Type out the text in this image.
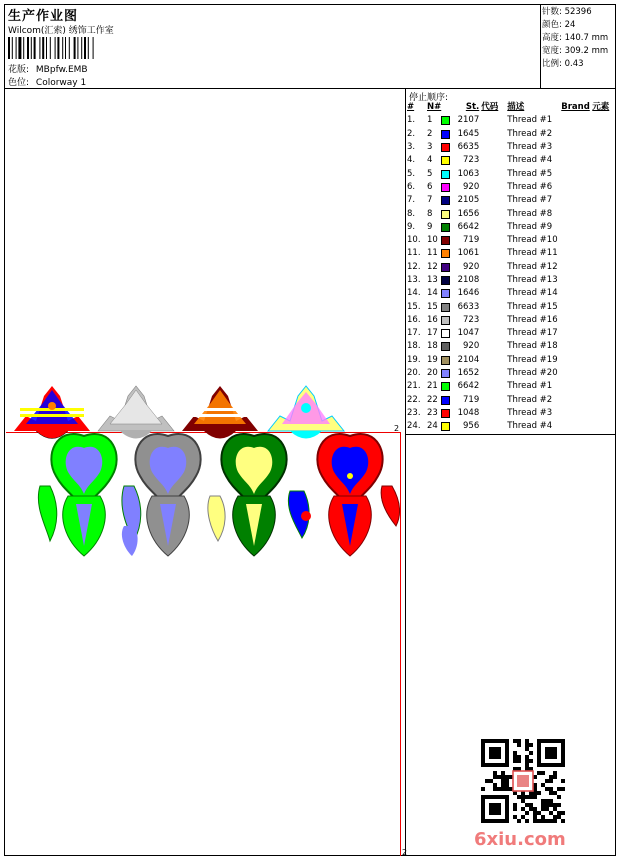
生产作业图
Wilcom(汇索) 绣饰工作室
花版: MBpfw.EMB
色位: Colorway 1
针数: 52396
颜色: 24
高度: 140.7 mm
宽度: 309.2 mm
比例: 0.43
停止顺序:
#	N#	St.	代码	描述	Brand	元素
1.	1	2107		Thread #1		
2.	2	1645		Thread #2		
3.	3	6635		Thread #3		
4.	4	723		Thread #4		
5.	5	1063		Thread #5		
6.	6	920		Thread #6		
7.	7	2105		Thread #7		
8.	8	1656		Thread #8		
9.	9	6642		Thread #9		
10.	10	719		Thread #10		
11.	11	1061		Thread #11		
12.	12	920		Thread #12		
13.	13	2108		Thread #13		
14.	14	1646		Thread #14		
15.	15	6633		Thread #15		
16.	16	723		Thread #16		
17.	17	1047		Thread #17		
18.	18	920		Thread #18		
19.	19	2104		Thread #19		
20.	20	1652		Thread #20		
21.	21	6642		Thread #1		
22.	22	719		Thread #2		
23.	23	1048		Thread #3		
24.	24	956		Thread #4		
2
2
6xiu.com
